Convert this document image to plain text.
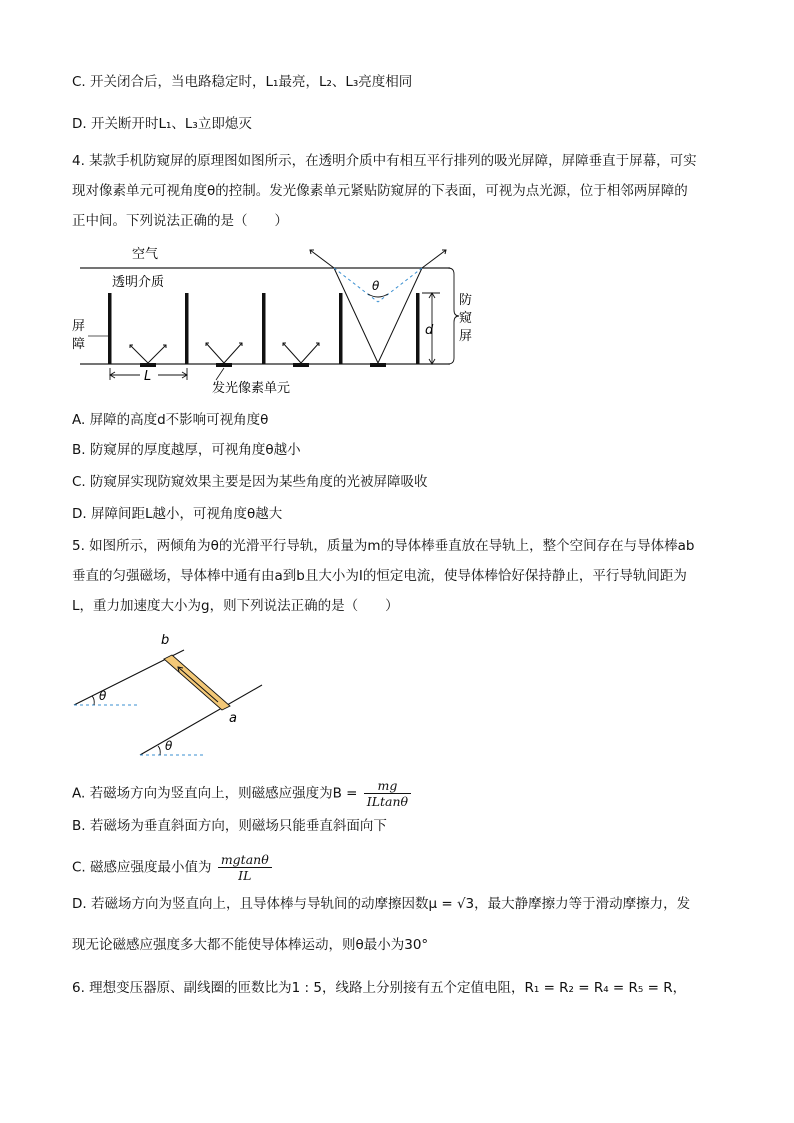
C. 开关闭合后，当电路稳定时，L₁最亮，L₂、L₃亮度相同
D. 开关断开时L₁、L₃立即熄灭
4. 某款手机防窥屏的原理图如图所示，在透明介质中有相互平行排列的吸光屏障，屏障垂直于屏幕，可实
现对像素单元可视角度θ的控制。发光像素单元紧贴防窥屏的下表面，可视为点光源，位于相邻两屏障的
正中间。下列说法正确的是（　　）
空气
透明介质
屏
障
θ
d
防
窥
屏
L
发光像素单元
A. 屏障的高度d不影响可视角度θ
B. 防窥屏的厚度越厚，可视角度θ越小
C. 防窥屏实现防窥效果主要是因为某些角度的光被屏障吸收
D. 屏障间距L越小，可视角度θ越大
5. 如图所示，两倾角为θ的光滑平行导轨，质量为m的导体棒垂直放在导轨上，整个空间存在与导体棒ab
垂直的匀强磁场，导体棒中通有由a到b且大小为I的恒定电流，使导体棒恰好保持静止，平行导轨间距为
L，重力加速度大小为g，则下列说法正确的是（　　）
θ
θ
b
a
A. 若磁场方向为竖直向上，则磁感应强度为$B = \frac{mg}{ILtan\theta}$
B. 若磁场为垂直斜面方向，则磁场只能垂直斜面向下
C. 磁感应强度最小值为 $\frac{mgtan\theta}{IL}$
D. 若磁场方向为竖直向上，且导体棒与导轨间的动摩擦因数μ = √3，最大静摩擦力等于滑动摩擦力，发
现无论磁感应强度多大都不能使导体棒运动，则θ最小为30°
6. 理想变压器原、副线圈的匝数比为1 : 5，线路上分别接有五个定值电阻，R₁ = R₂ = R₄ = R₅ = R，
